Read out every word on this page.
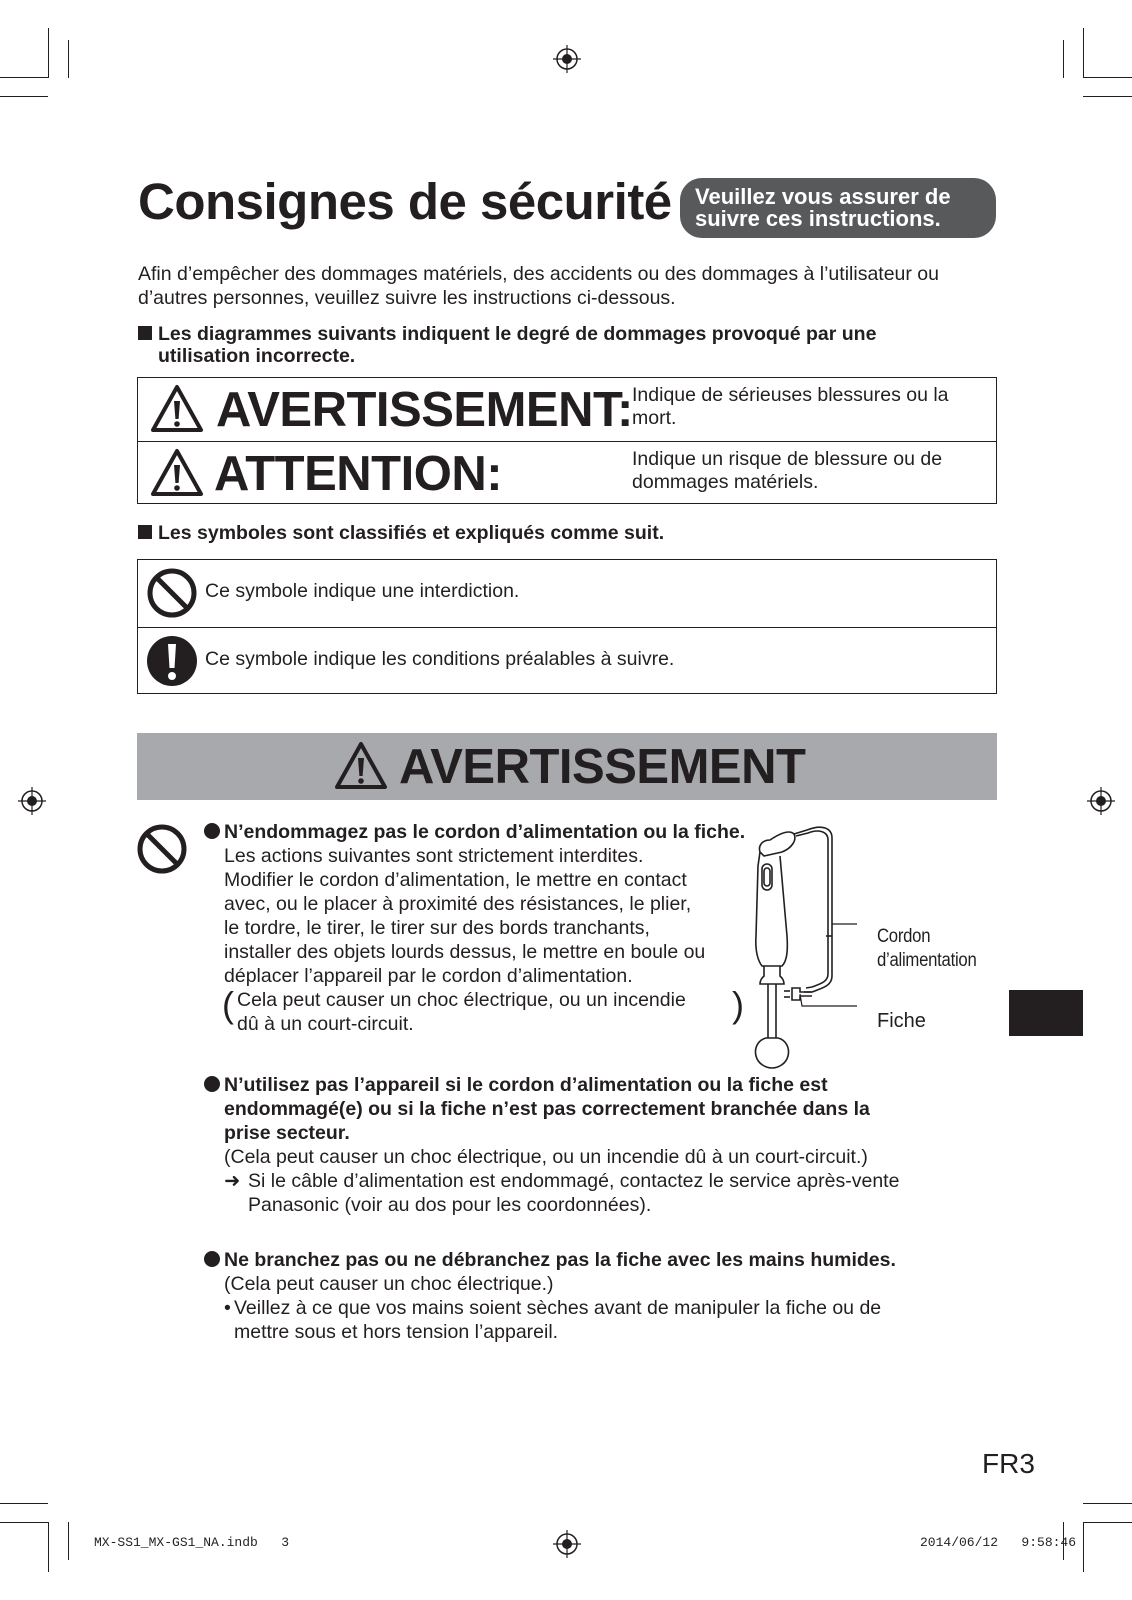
Consignes de sécurité Veuillez vous assurer de
suivre ces instructions.
Afin d’empêcher des dommages matériels, des accidents ou des dommages à l’utilisateur ou d’autres personnes, veuillez suivre les instructions ci-dessous.
Les diagrammes suivants indiquent le degré de dommages provoqué par une
utilisation incorrecte.
AVERTISSEMENT: Indique de sérieuses blessures ou la mort.
ATTENTION:	Indique un risque de blessure ou de dommages matériels.
Les symboles sont classifiés et expliqués comme suit.
Ce symbole indique une interdiction.
Ce symbole indique les conditions préalables à suivre.
AVERTISSEMENT
N’endommagez pas le cordon d’alimentation ou la fiche.
Les actions suivantes sont strictement interdites.
Modifier le cordon d’alimentation, le mettre en contact
avec, ou le placer à proximité des résistances, le plier,
le tordre, le tirer, le tirer sur des bords tranchants,
installer des objets lourds dessus, le mettre en boule ou
déplacer l’appareil par le cordon d’alimentation.
( Cela peut causer un choc électrique, ou un incendie
dû à un court-circuit.	)
Cordon
d’alimentation
Fiche
N’utilisez pas l’appareil si le cordon d’alimentation ou la fiche est
endommagé(e) ou si la fiche n’est pas correctement branchée dans la
prise secteur.
(Cela peut causer un choc électrique, ou un incendie dû à un court-circuit.)
➜ Si le câble d’alimentation est endommagé, contactez le service après-vente
Panasonic (voir au dos pour les coordonnées).
Ne branchez pas ou ne débranchez pas la fiche avec les mains humides.
(Cela peut causer un choc électrique.)
• Veillez à ce que vos mains soient sèches avant de manipuler la fiche ou de
mettre sous et hors tension l’appareil.
FR3
MX-SS1_MX-GS1_NA.indb   3	2014/06/12   9:58:46
